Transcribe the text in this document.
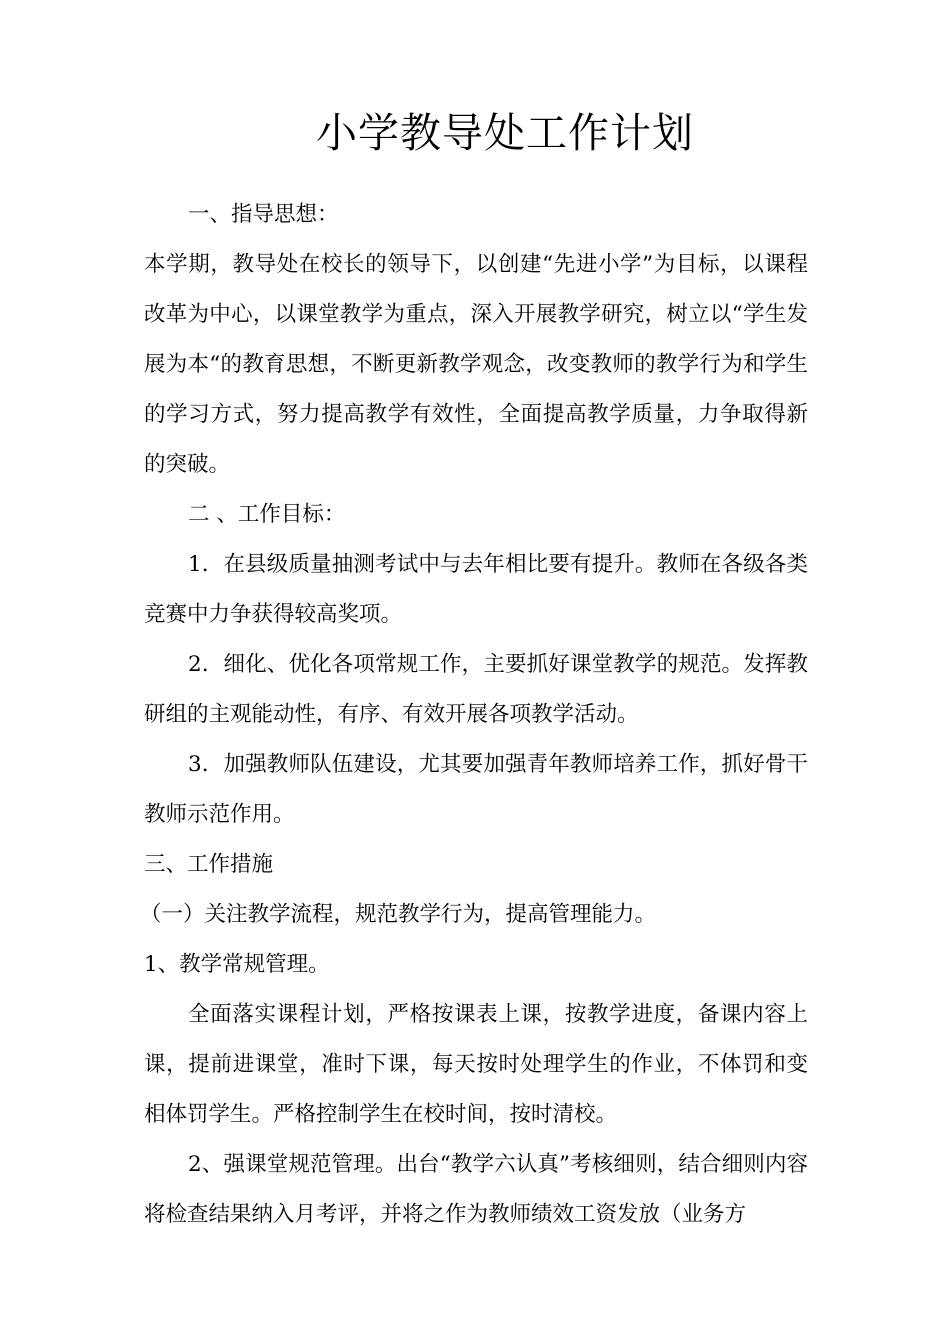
小学教导处工作计划

一、指导思想：

本学期，教导处在校长的领导下，以创建“先进小学”为目标，以课程改革为中心，以课堂教学为重点，深入开展教学研究，树立以“学生发展为本“的教育思想，不断更新教学观念，改变教师的教学行为和学生的学习方式，努力提高教学有效性，全面提高教学质量，力争取得新的突破。

二 、工作目标：

1．在县级质量抽测考试中与去年相比要有提升。教师在各级各类竞赛中力争获得较高奖项。

2．细化、优化各项常规工作，主要抓好课堂教学的规范。发挥教研组的主观能动性，有序、有效开展各项教学活动。

3．加强教师队伍建设，尤其要加强青年教师培养工作，抓好骨干教师示范作用。

三、工作措施

（一）关注教学流程，规范教学行为，提高管理能力。

1、教学常规管理。

全面落实课程计划，严格按课表上课，按教学进度，备课内容上课，提前进课堂，准时下课，每天按时处理学生的作业，不体罚和变相体罚学生。严格控制学生在校时间，按时清校。

2、强课堂规范管理。出台“教学六认真”考核细则，结合细则内容将检查结果纳入月考评，并将之作为教师绩效工资发放（业务方
